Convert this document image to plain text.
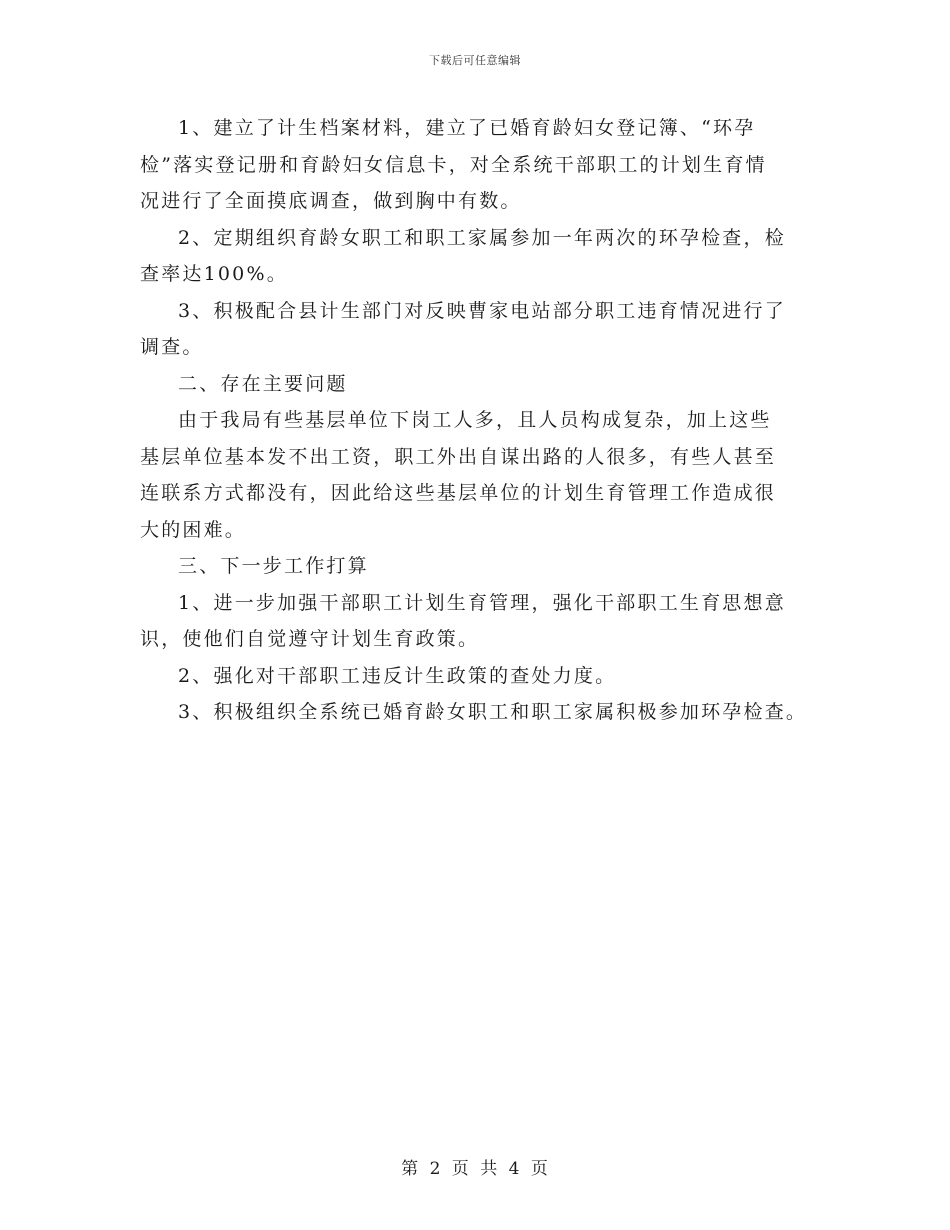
下载后可任意编辑

1、建立了计生档案材料，建立了已婚育龄妇女登记簿、“环孕
检”落实登记册和育龄妇女信息卡，对全系统干部职工的计划生育情
况进行了全面摸底调查，做到胸中有数。

2、定期组织育龄女职工和职工家属参加一年两次的环孕检查，检
查率达100%。

3、积极配合县计生部门对反映曹家电站部分职工违育情况进行了
调查。

二、存在主要问题

由于我局有些基层单位下岗工人多，且人员构成复杂，加上这些
基层单位基本发不出工资，职工外出自谋出路的人很多，有些人甚至
连联系方式都没有，因此给这些基层单位的计划生育管理工作造成很
大的困难。

三、下一步工作打算

1、进一步加强干部职工计划生育管理，强化干部职工生育思想意
识，使他们自觉遵守计划生育政策。

2、强化对干部职工违反计生政策的查处力度。

3、积极组织全系统已婚育龄女职工和职工家属积极参加环孕检查。

第 2 页 共 4 页
